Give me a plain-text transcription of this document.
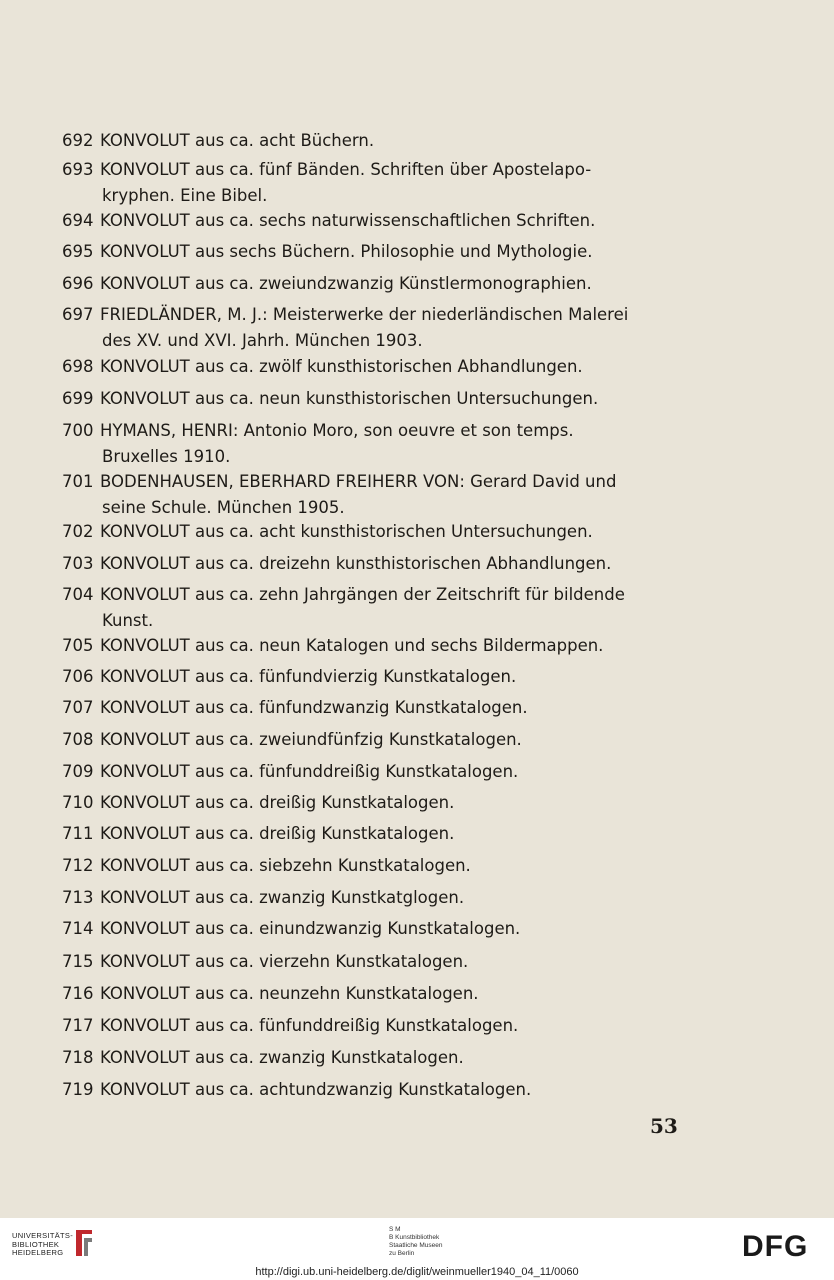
692 KONVOLUT aus ca. acht Büchern.
693 KONVOLUT aus ca. fünf Bänden. Schriften über Apostelapo-
kryphen. Eine Bibel.
694 KONVOLUT aus ca. sechs naturwissenschaftlichen Schriften.
695 KONVOLUT aus sechs Büchern. Philosophie und Mythologie.
696 KONVOLUT aus ca. zweiundzwanzig Künstlermonographien.
697 FRIEDLÄNDER, M. J.: Meisterwerke der niederländischen Malerei
des XV. und XVI. Jahrh. München 1903.
698 KONVOLUT aus ca. zwölf kunsthistorischen Abhandlungen.
699 KONVOLUT aus ca. neun kunsthistorischen Untersuchungen.
700 HYMANS, HENRI: Antonio Moro, son oeuvre et son temps.
Bruxelles 1910.
701 BODENHAUSEN, EBERHARD FREIHERR VON: Gerard David und
seine Schule. München 1905.
702 KONVOLUT aus ca. acht kunsthistorischen Untersuchungen.
703 KONVOLUT aus ca. dreizehn kunsthistorischen Abhandlungen.
704 KONVOLUT aus ca. zehn Jahrgängen der Zeitschrift für bildende
Kunst.
705 KONVOLUT aus ca. neun Katalogen und sechs Bildermappen.
706 KONVOLUT aus ca. fünfundvierzig Kunstkatalogen.
707 KONVOLUT aus ca. fünfundzwanzig Kunstkatalogen.
708 KONVOLUT aus ca. zweiundfünfzig Kunstkatalogen.
709 KONVOLUT aus ca. fünfunddreißig Kunstkatalogen.
710 KONVOLUT aus ca. dreißig Kunstkatalogen.
711 KONVOLUT aus ca. dreißig Kunstkatalogen.
712 KONVOLUT aus ca. siebzehn Kunstkatalogen.
713 KONVOLUT aus ca. zwanzig Kunstkatglogen.
714 KONVOLUT aus ca. einundzwanzig Kunstkatalogen.
715 KONVOLUT aus ca. vierzehn Kunstkatalogen.
716 KONVOLUT aus ca. neunzehn Kunstkatalogen.
717 KONVOLUT aus ca. fünfunddreißig Kunstkatalogen.
718 KONVOLUT aus ca. zwanzig Kunstkatalogen.
719 KONVOLUT aus ca. achtundzwanzig Kunstkatalogen.
53
UNIVERSITÄTS-
BIBLIOTHEK
HEIDELBERG
S M
B Kunstbibliothek
Staatliche Museen
zu Berlin	DFG
http://digi.ub.uni-heidelberg.de/diglit/weinmueller1940_04_11/0060
